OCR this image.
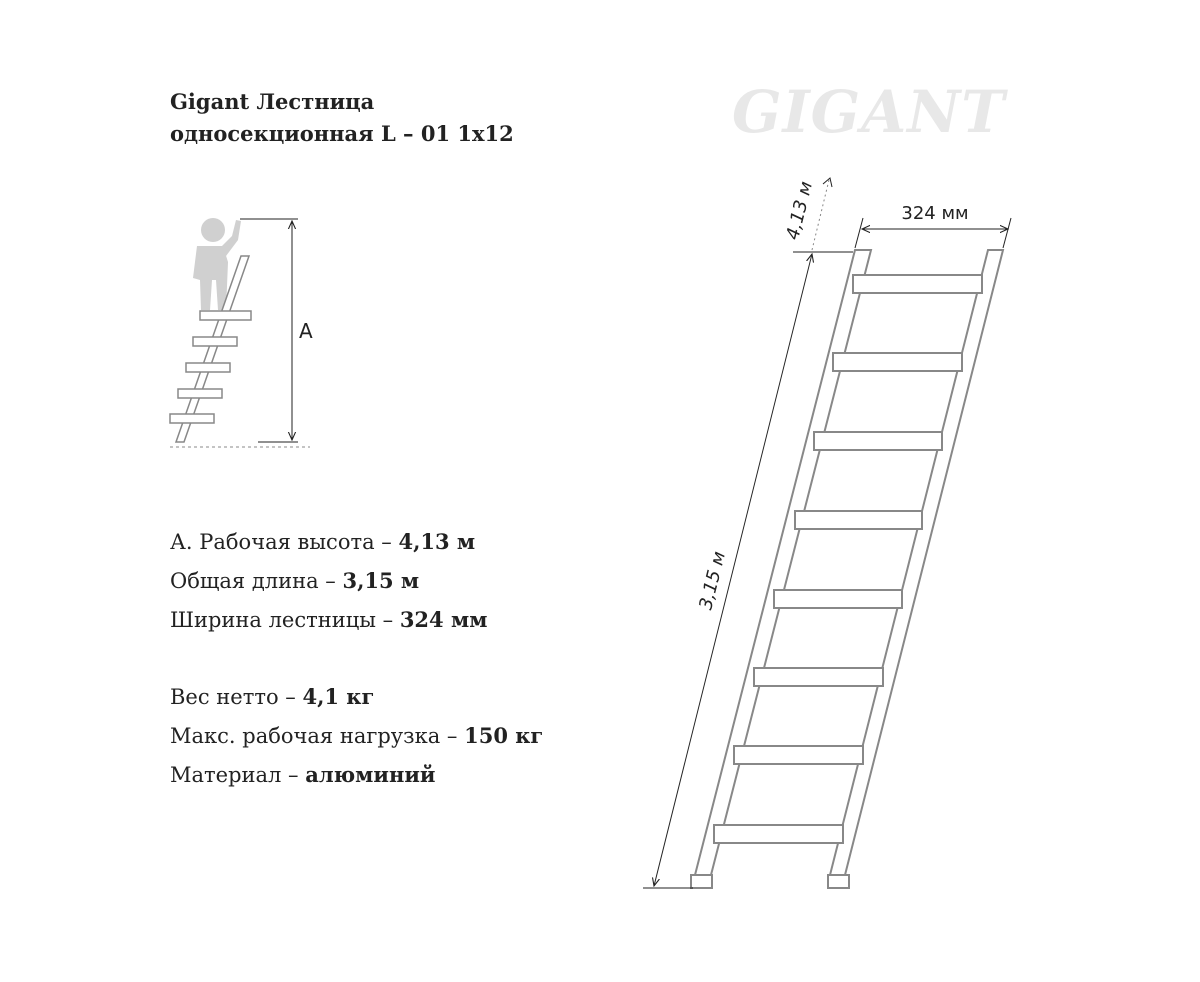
Gigant Лестница
односекционная L – 01 1x12	GIGANT
А. Рабочая высота – 4,13 м
Общая длина – 3,15 м
Ширина лестницы – 324 мм
Вес нетто – 4,1 кг
Макс. рабочая нагрузка – 150 кг
Материал – алюминий
A
324 мм
3,15 м
4,13 м
